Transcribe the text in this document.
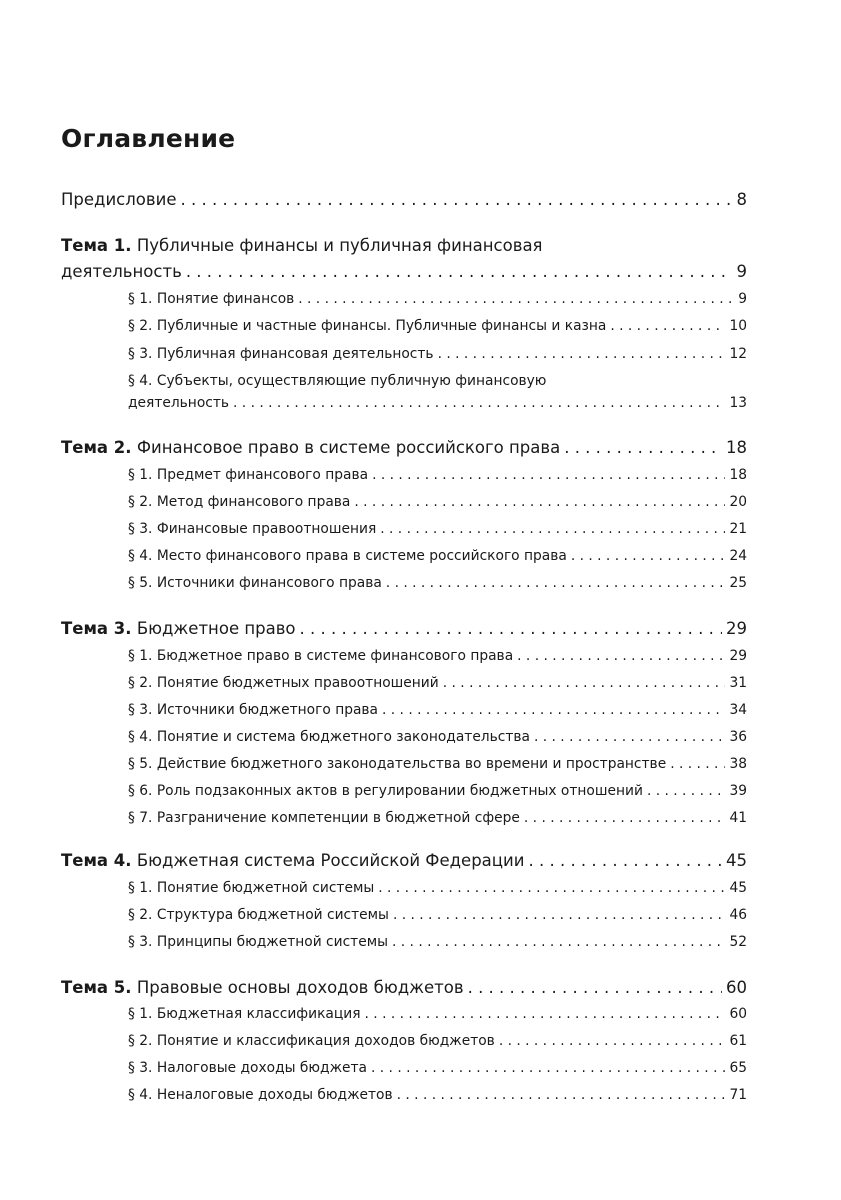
Оглавление
Предисловие . . .	8
Тема 1. Публичные финансы и публичная финансовая
деятельность . . .	9
§ 1. Понятие финансов . . .	9
§ 2. Публичные и частные финансы. Публичные финансы и казна . . .	10
§ 3. Публичная финансовая деятельность . . .	12
§ 4. Субъекты, осуществляющие публичную финансовую
деятельность . . .	13
Тема 2. Финансовое право в системе российского права . . .	18
§ 1. Предмет финансового права . . .	18
§ 2. Метод финансового права . . .	20
§ 3. Финансовые правоотношения . . .	21
§ 4. Место финансового права в системе российского права . . .	24
§ 5. Источники финансового права . . .	25
Тема 3. Бюджетное право . . .	29
§ 1. Бюджетное право в системе финансового права . . .	29
§ 2. Понятие бюджетных правоотношений . . .	31
§ 3. Источники бюджетного права . . .	34
§ 4. Понятие и система бюджетного законодательства . . .	36
§ 5. Действие бюджетного законодательства во времени и пространстве . . .	38
§ 6. Роль подзаконных актов в регулировании бюджетных отношений . . .	39
§ 7. Разграничение компетенции в бюджетной сфере . . .	41
Тема 4. Бюджетная система Российской Федерации . . .	45
§ 1. Понятие бюджетной системы . . .	45
§ 2. Структура бюджетной системы . . .	46
§ 3. Принципы бюджетной системы . . .	52
Тема 5. Правовые основы доходов бюджетов . . .	60
§ 1. Бюджетная классификация . . .	60
§ 2. Понятие и классификация доходов бюджетов . . .	61
§ 3. Налоговые доходы бюджета . . .	65
§ 4. Неналоговые доходы бюджетов . . .	71
